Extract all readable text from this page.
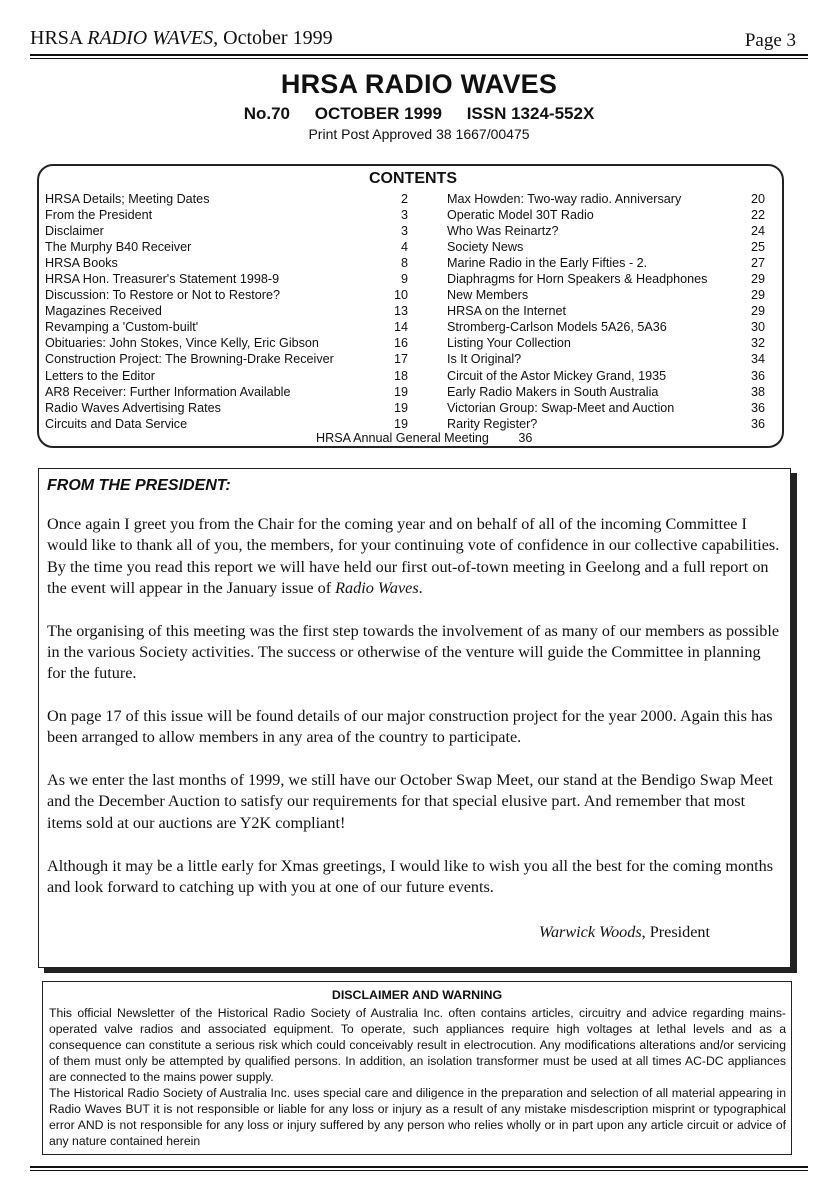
HRSA RADIO WAVES, October 1999	Page 3
HRSA RADIO WAVES
No.70 OCTOBER 1999 ISSN 1324-552X
Print Post Approved 38 1667/00475
CONTENTS
HRSA Details; Meeting Dates	2
From the President	3
Disclaimer	3
The Murphy B40 Receiver	4
HRSA Books	8
HRSA Hon. Treasurer's Statement 1998-9	9
Discussion: To Restore or Not to Restore?	10
Magazines Received	13
Revamping a 'Custom-built'	14
Obituaries: John Stokes, Vince Kelly, Eric Gibson	16
Construction Project: The Browning-Drake Receiver	17
Letters to the Editor	18
AR8 Receiver: Further Information Available	19
Radio Waves Advertising Rates	19
Circuits and Data Service	19
Max Howden: Two-way radio. Anniversary	20
Operatic Model 30T Radio	22
Who Was Reinartz?	24
Society News	25
Marine Radio in the Early Fifties - 2.	27
Diaphragms for Horn Speakers & Headphones	29
New Members	29
HRSA on the Internet	29
Stromberg-Carlson Models 5A26, 5A36	30
Listing Your Collection	32
Is It Original?	34
Circuit of the Astor Mickey Grand, 1935	36
Early Radio Makers in South Australia	38
Victorian Group: Swap-Meet and Auction	36
Rarity Register?	36
HRSA Annual General Meeting 36
FROM THE PRESIDENT:

Once again I greet you from the Chair for the coming year and on behalf of all of the incoming Committee I would like to thank all of you, the members, for your continuing vote of confidence in our collective capabilities. By the time you read this report we will have held our first out-of-town meeting in Geelong and a full report on the event will appear in the January issue of Radio Waves.

The organising of this meeting was the first step towards the involvement of as many of our members as possible in the various Society activities. The success or otherwise of the venture will guide the Committee in planning for the future.

On page 17 of this issue will be found details of our major construction project for the year 2000. Again this has been arranged to allow members in any area of the country to participate.

As we enter the last months of 1999, we still have our October Swap Meet, our stand at the Bendigo Swap Meet and the December Auction to satisfy our requirements for that special elusive part. And remember that most items sold at our auctions are Y2K compliant!

Although it may be a little early for Xmas greetings, I would like to wish you all the best for the coming months and look forward to catching up with you at one of our future events.

Warwick Woods, President
DISCLAIMER AND WARNING

This official Newsletter of the Historical Radio Society of Australia Inc. often contains articles, circuitry and advice regarding mains-operated valve radios and associated equipment. To operate, such appliances require high voltages at lethal levels and as a consequence can constitute a serious risk which could conceivably result in electrocution. Any modifications alterations and/or servicing of them must only be attempted by qualified persons. In addition, an isolation transformer must be used at all times AC-DC appliances are connected to the mains power supply.

The Historical Radio Society of Australia Inc. uses special care and diligence in the preparation and selection of all material appearing in Radio Waves BUT it is not responsible or liable for any loss or injury as a result of any mistake misdescription misprint or typographical error AND is not responsible for any loss or injury suffered by any person who relies wholly or in part upon any article circuit or advice of any nature contained herein
